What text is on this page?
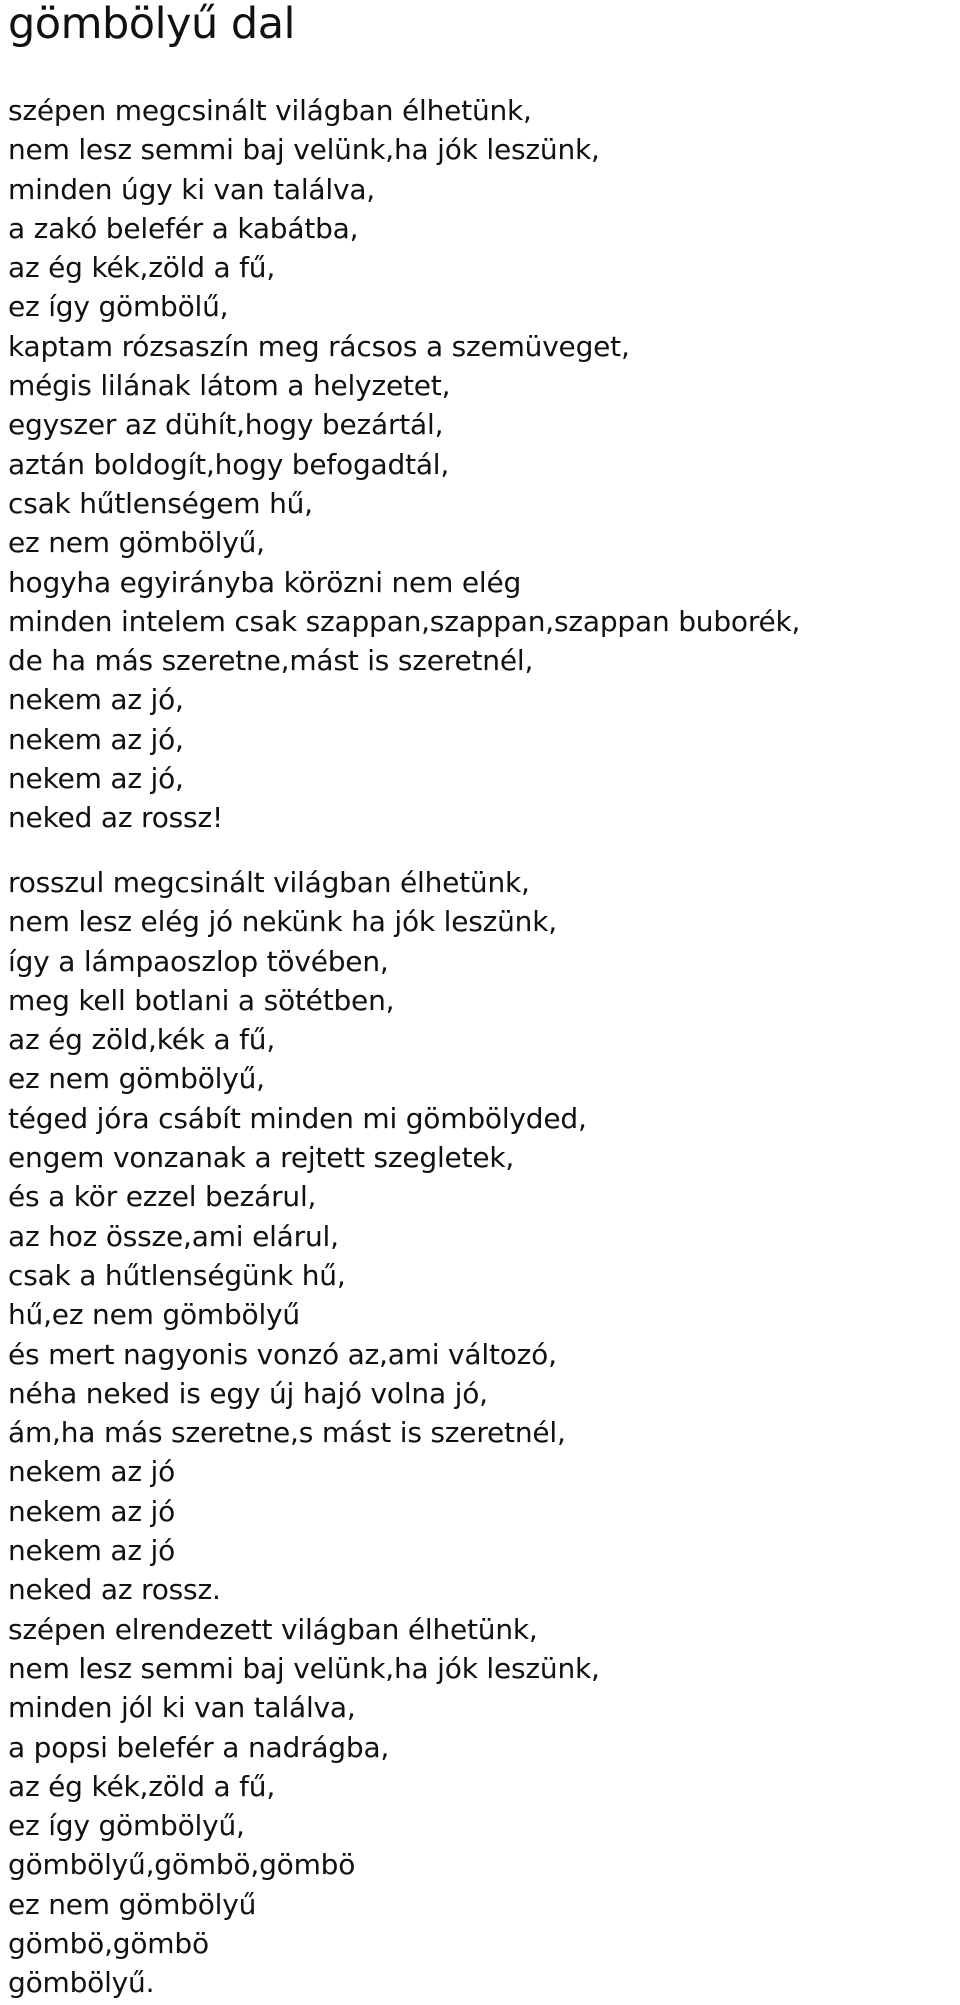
gömbölyű dal
szépen megcsinált világban élhetünk,
nem lesz semmi baj velünk,ha jók leszünk,
minden úgy ki van találva,
a zakó belefér a kabátba,
az ég kék,zöld a fű,
ez így gömbölű,
kaptam rózsaszín meg rácsos a szemüveget,
mégis lilának látom a helyzetet,
egyszer az dühít,hogy bezártál,
aztán boldogít,hogy befogadtál,
csak hűtlenségem hű,
ez nem gömbölyű,
hogyha egyirányba körözni nem elég
minden intelem csak szappan,szappan,szappan buborék,
de ha más szeretne,mást is szeretnél,
nekem az jó,
nekem az jó,
nekem az jó,
neked az rossz!
rosszul megcsinált világban élhetünk,
nem lesz elég jó nekünk ha jók leszünk,
így a lámpaoszlop tövében,
meg kell botlani a sötétben,
az ég zöld,kék a fű,
ez nem gömbölyű,
téged jóra csábít minden mi gömbölyded,
engem vonzanak a rejtett szegletek,
és a kör ezzel bezárul,
az hoz össze,ami elárul,
csak a hűtlenségünk hű,
hű,ez nem gömbölyű
és mert nagyonis vonzó az,ami változó,
néha neked is egy új hajó volna jó,
ám,ha más szeretne,s mást is szeretnél,
nekem az jó
nekem az jó
nekem az jó
neked az rossz.
szépen elrendezett világban élhetünk,
nem lesz semmi baj velünk,ha jók leszünk,
minden jól ki van találva,
a popsi belefér a nadrágba,
az ég kék,zöld a fű,
ez így gömbölyű,
gömbölyű,gömbö,gömbö
ez nem gömbölyű
gömbö,gömbö
gömbölyű.
